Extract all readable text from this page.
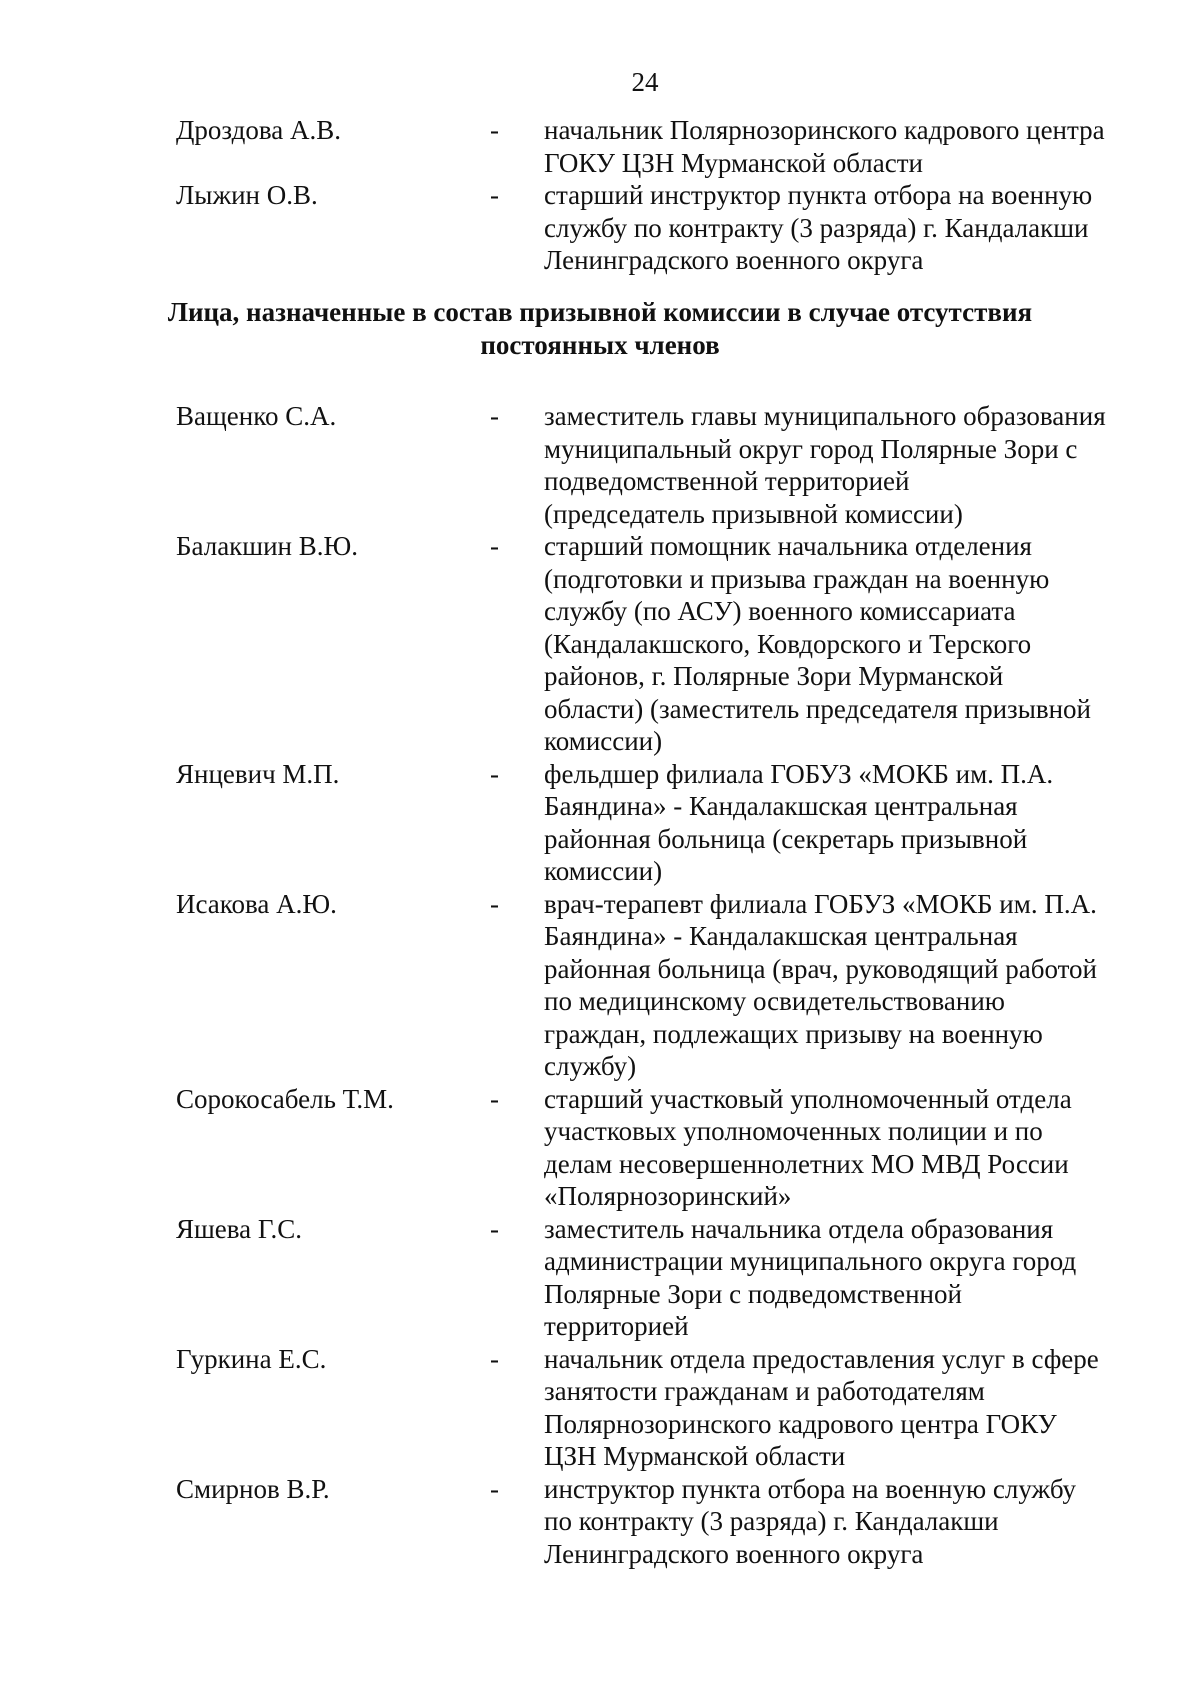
24
Дроздова А.В.	- начальник Полярнозоринского кадрового центра
ГОКУ ЦЗН Мурманской области
Лыжин О.В.	- старший инструктор пункта отбора на военную
службу по контракту (3 разряда) г. Кандалакши
Ленинградского военного округа
Лица, назначенные в состав призывной комиссии в случае отсутствия
постоянных членов
Ващенко С.А.	- заместитель главы муниципального образования
муниципальный округ город Полярные Зори с
подведомственной территорией
(председатель призывной комиссии)
Балакшин В.Ю.	- старший помощник начальника отделения
(подготовки и призыва граждан на военную
службу (по АСУ) военного комиссариата
(Кандалакшского, Ковдорского и Терского
районов, г. Полярные Зори Мурманской
области) (заместитель председателя призывной
комиссии)
Янцевич М.П.	- фельдшер филиала ГОБУЗ «МОКБ им. П.А.
Баяндина» - Кандалакшская центральная
районная больница (секретарь призывной
комиссии)
Исакова А.Ю.	- врач-терапевт филиала ГОБУЗ «МОКБ им. П.А.
Баяндина» - Кандалакшская центральная
районная больница (врач, руководящий работой
по медицинскому освидетельствованию
граждан, подлежащих призыву на военную
службу)
Сорокосабель Т.М.	- старший участковый уполномоченный отдела
участковых уполномоченных полиции и по
делам несовершеннолетних МО МВД России
«Полярнозоринский»
Яшева Г.С.	- заместитель начальника отдела образования
администрации муниципального округа город
Полярные Зори с подведомственной
территорией
Гуркина Е.С.	- начальник отдела предоставления услуг в сфере
занятости гражданам и работодателям
Полярнозоринского кадрового центра ГОКУ
ЦЗН Мурманской области
Смирнов В.Р.	- инструктор пункта отбора на военную службу
по контракту (3 разряда) г. Кандалакши
Ленинградского военного округа
